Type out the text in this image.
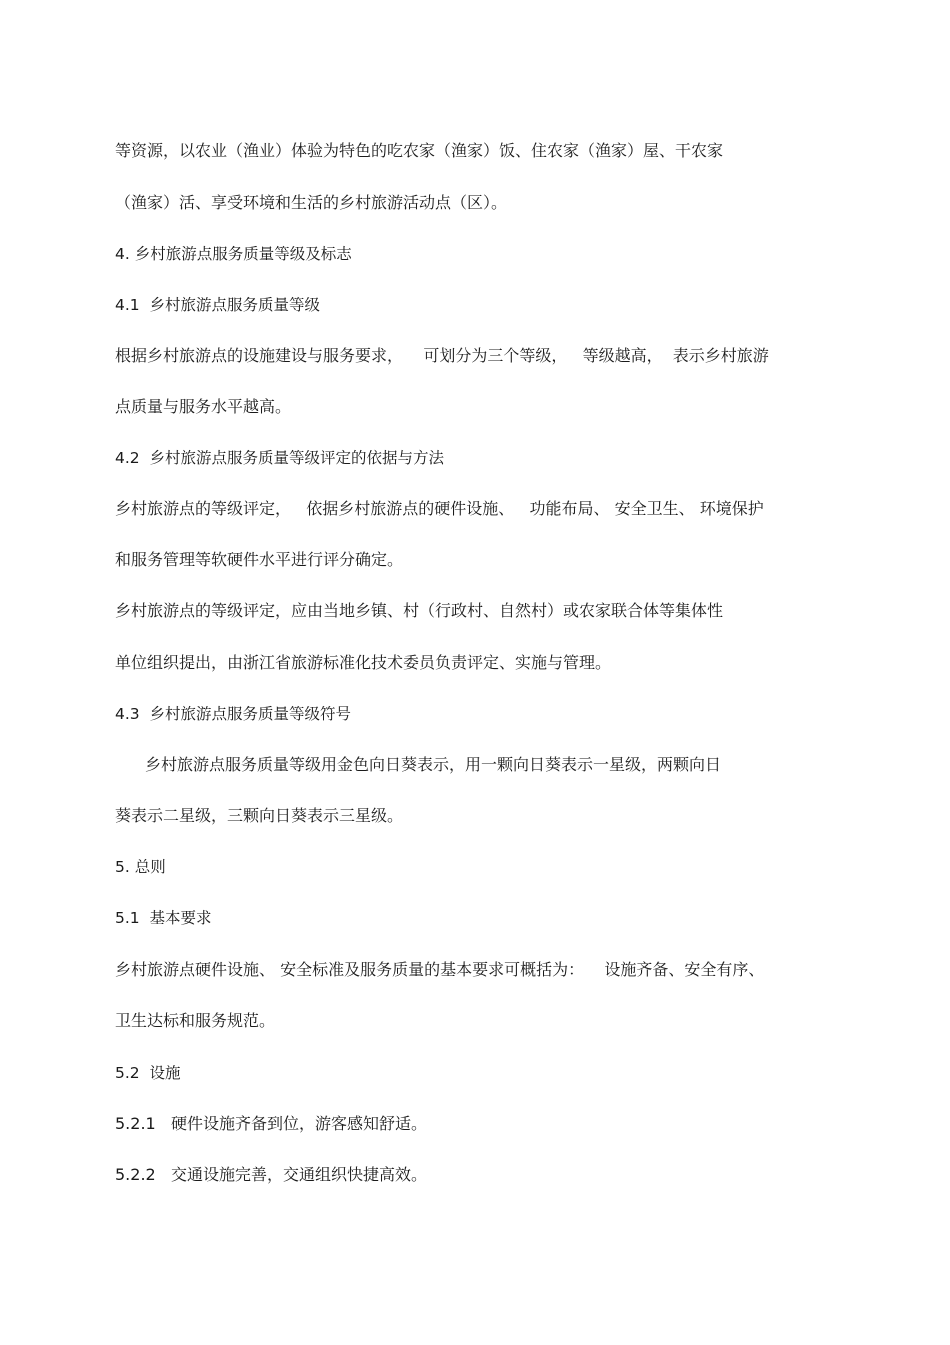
等资源，以农业（渔业）体验为特色的吃农家（渔家）饭、住农家（渔家）屋、干农家
（渔家）活、享受环境和生活的乡村旅游活动点（区）。
4. 乡村旅游点服务质量等级及标志
4.1  乡村旅游点服务质量等级
根据乡村旅游点的设施建设与服务要求，    可划分为三个等级，   等级越高，  表示乡村旅游
点质量与服务水平越高。
4.2  乡村旅游点服务质量等级评定的依据与方法
乡村旅游点的等级评定，   依据乡村旅游点的硬件设施、   功能布局、 安全卫生、 环境保护
和服务管理等软硬件水平进行评分确定。
乡村旅游点的等级评定，应由当地乡镇、村（行政村、自然村）或农家联合体等集体性
单位组织提出，由浙江省旅游标准化技术委员负责评定、实施与管理。
4.3  乡村旅游点服务质量等级符号
乡村旅游点服务质量等级用金色向日葵表示，用一颗向日葵表示一星级，两颗向日
葵表示二星级，三颗向日葵表示三星级。
5. 总则
5.1  基本要求
乡村旅游点硬件设施、 安全标准及服务质量的基本要求可概括为：    设施齐备、安全有序、
卫生达标和服务规范。
5.2  设施
5.2.1   硬件设施齐备到位，游客感知舒适。
5.2.2   交通设施完善，交通组织快捷高效。
